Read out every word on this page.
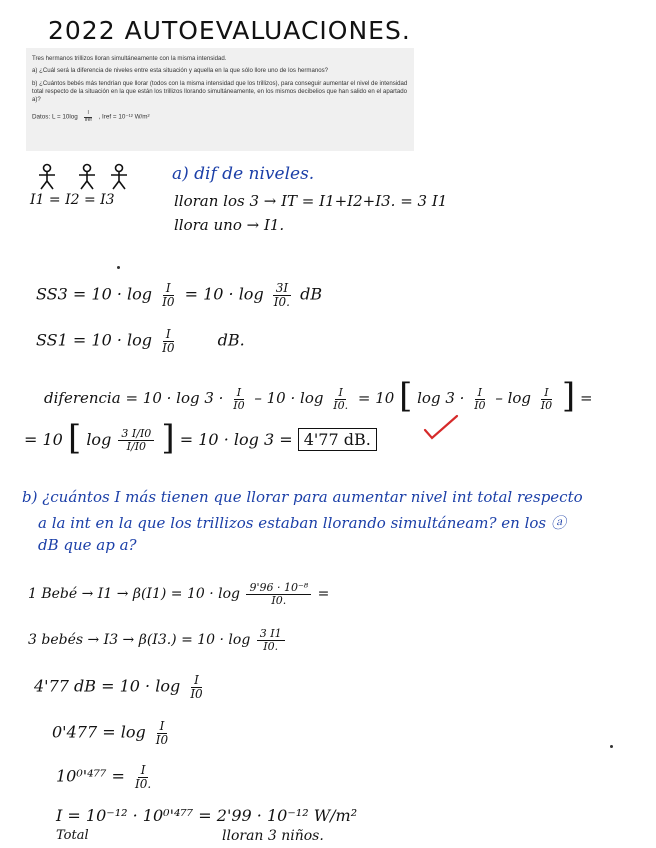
2022 AUTOEVALUACIONES.

Tres hermanos trillizos lloran simultáneamente con la misma intensidad.

a) ¿Cuál será la diferencia de niveles entre esta situación y aquella en la que sólo llore uno de los hermanos?

b) ¿Cuántos bebés más tendrían que llorar (todos con la misma intensidad que los trillizos), para conseguir aumentar el nivel de intensidad total respecto de la situación en la que están los trillizos llorando simultáneamente, en los mismos decibelios que han salido en el apartado a)?

Datos: $L = 10\log \frac{I}{\text{Iref}}$ , Iref = 10⁻¹² W/m²
I1 = I2 = I3
a) dif de niveles.
lloran los 3 → IT = I1+I2+I3. = 3 I1
llora uno → I1.
$SS3 = 10 \cdot \log \frac{I}{I0} = 10 \cdot \log \frac{3I}{I0.}$ dB
$SS1 = 10 \cdot \log \frac{I}{I0}$	dB.
diferencia = $10 \cdot \log 3 \cdot \frac{I}{I0} - 10 \cdot \log \frac{I}{I0.} = 10$ [ $\log 3 \cdot \frac{I}{I0} - \log \frac{I}{I0}$ ] =
= 10 [ $\log \frac{3 I/I0}{I/I0}$ ] = 10 · log 3 = 4'77 dB.
b) ¿cuántos I más tienen que llorar para aumentar nivel int total respecto
a la int en la que los trillizos estaban llorando simultáneam? en los ⓐ
dB que ap a?
1 Bebé → $I1 \to \beta(I1) = 10 \cdot \log \frac{\text{9'96 · 10⁻⁸}}{I0.}$ =
3 bebés → $I3 \to \beta(I3.) = 10 \cdot \log \frac{3 I1}{I0.}$
4'77 dB = $10 \cdot \log \frac{I}{I0}$
$0'477 = \log \frac{I}{I0}$
$10^0'^{477} = \frac{I}{I0.}$
I = 10⁻¹² · 10⁰'⁴⁷⁷ = 2'99 · 10⁻¹² W/m²
Total	lloran 3 niños.
